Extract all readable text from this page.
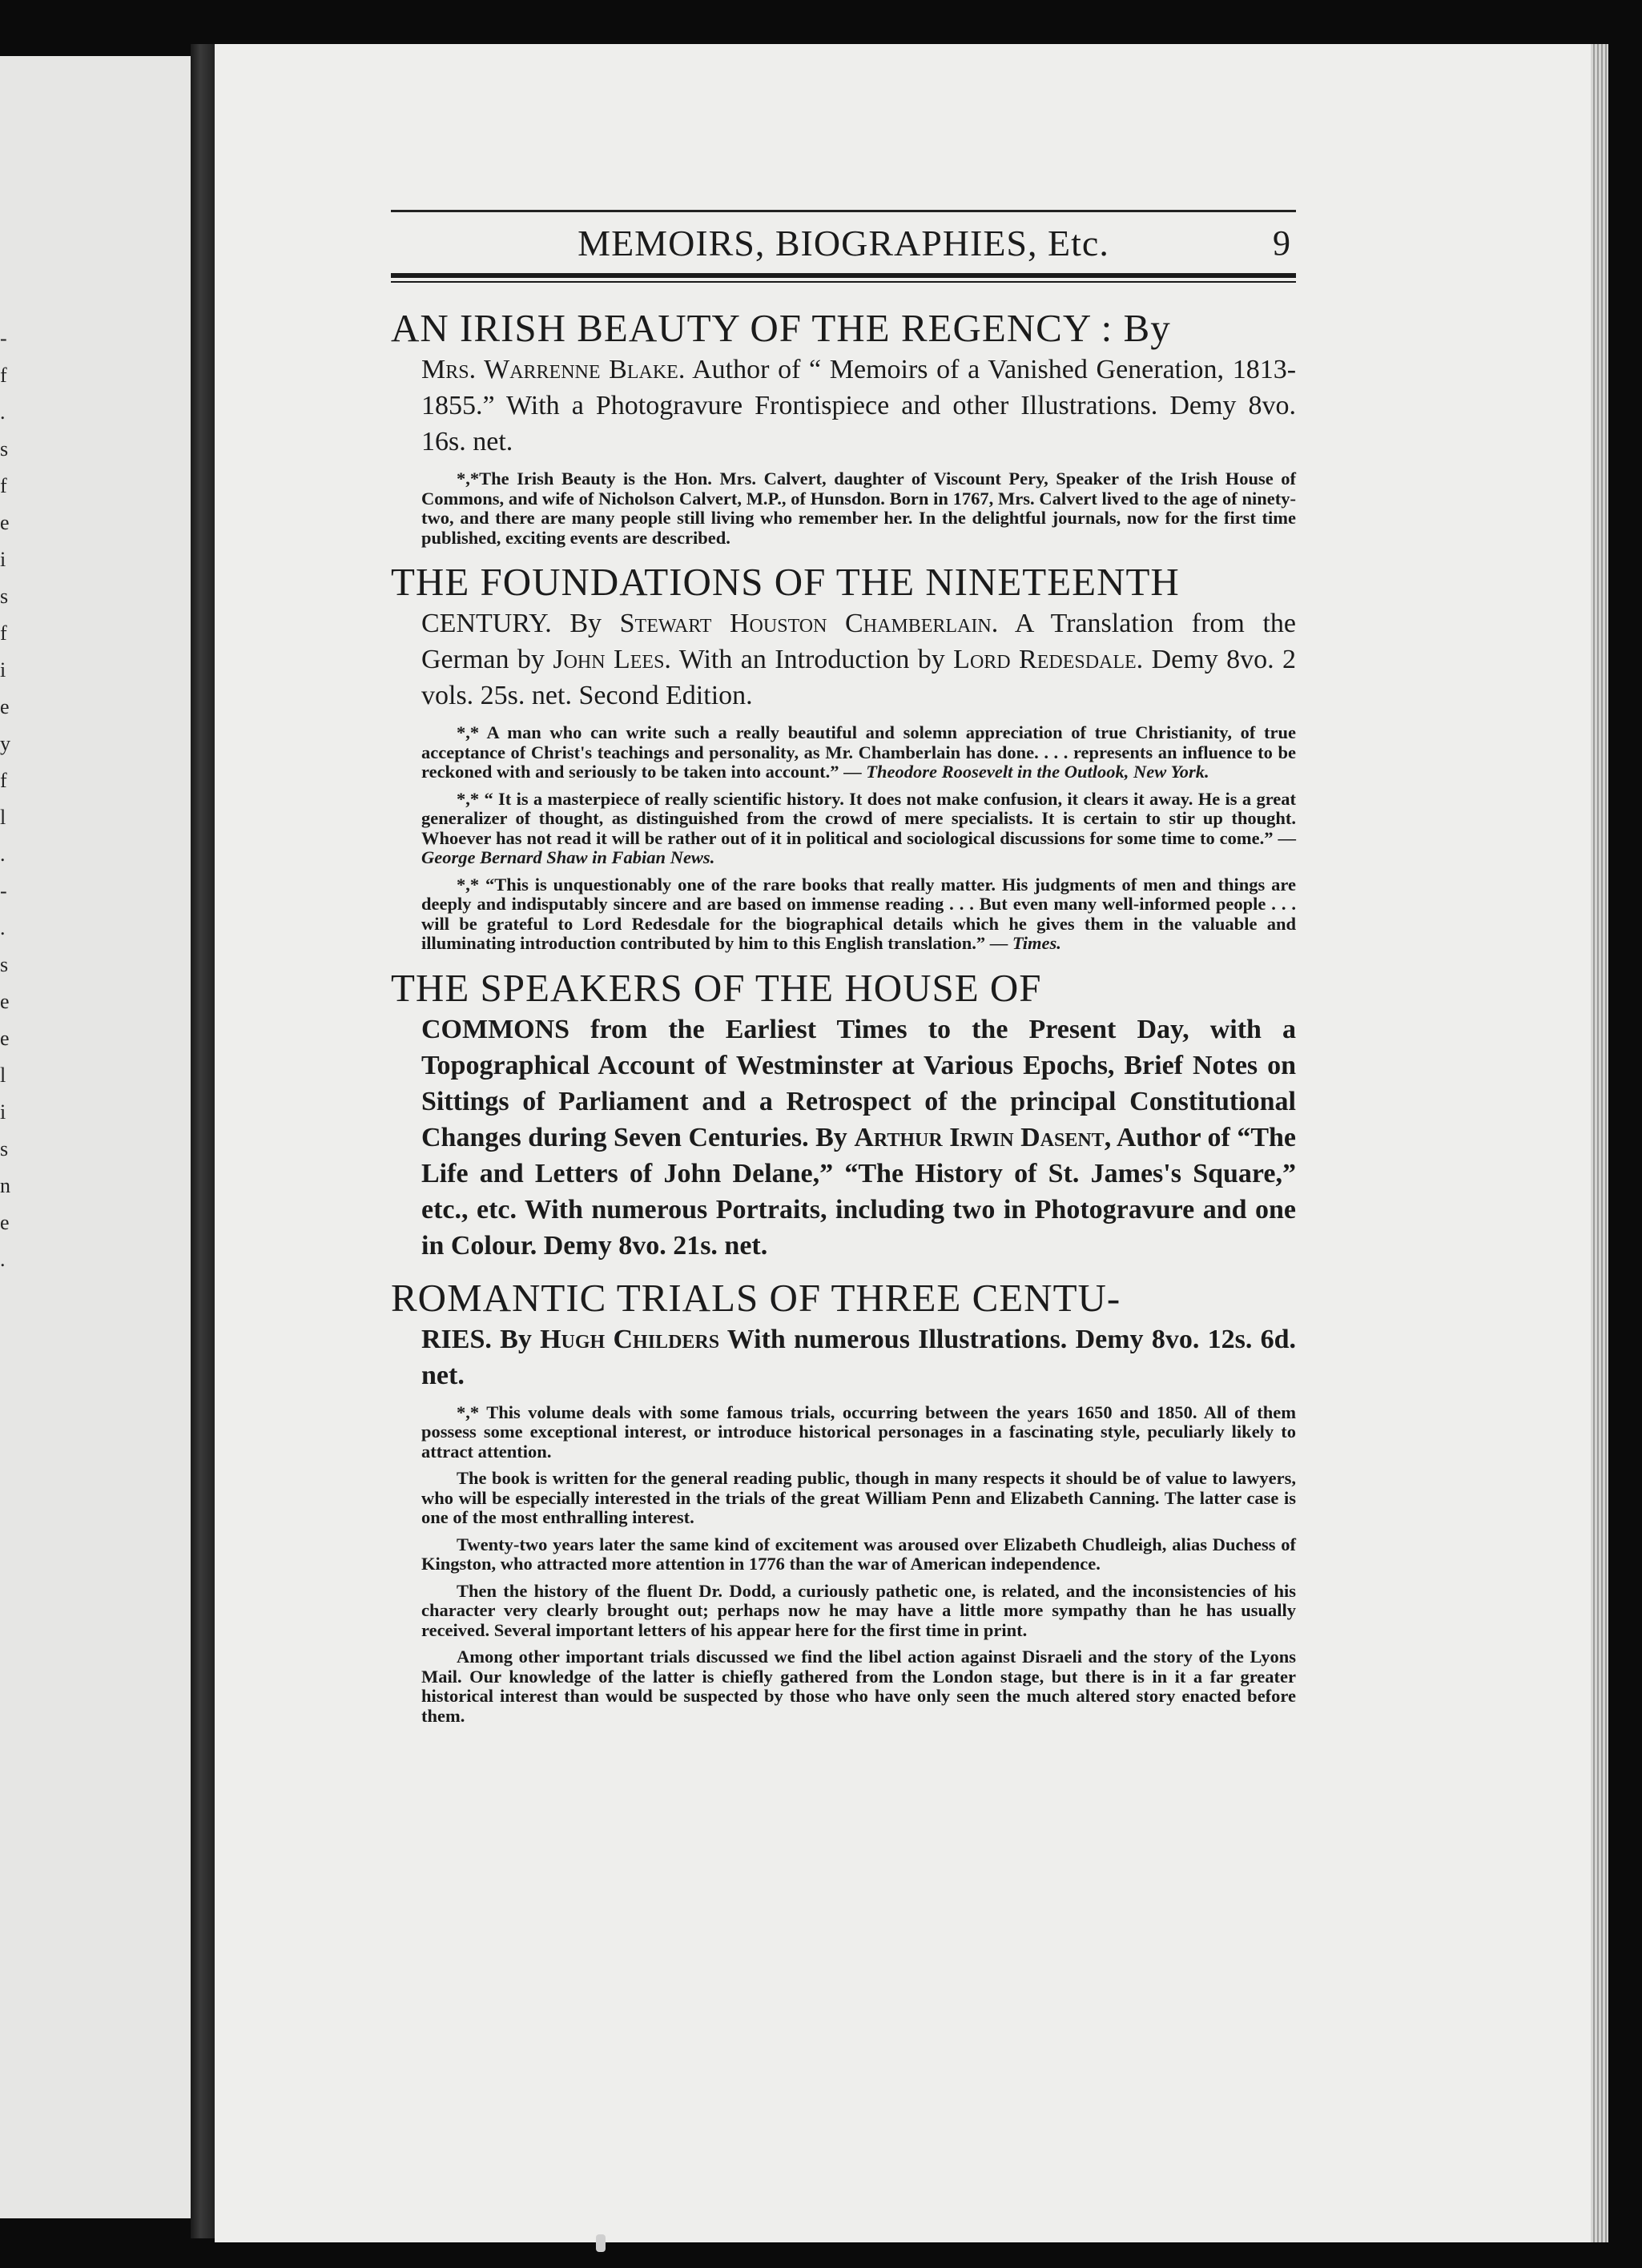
-
f
.
s
f
e
i
s
f
i
e
y
f
l
.
-
.
s
e
e
l
i
s
n
e
.
MEMOIRS, BIOGRAPHIES, Etc.	9
AN IRISH BEAUTY OF THE REGENCY : By
Mrs. Warrenne Blake. Author of “ Memoirs of a Vanished Generation, 1813-1855.” With a Photogravure Frontispiece and other Illustrations. Demy 8vo. 16s. net.

*,*The Irish Beauty is the Hon. Mrs. Calvert, daughter of Viscount Pery, Speaker of the Irish House of Commons, and wife of Nicholson Calvert, M.P., of Hunsdon. Born in 1767, Mrs. Calvert lived to the age of ninety-two, and there are many people still living who remember her. In the delightful journals, now for the first time published, exciting events are described.

THE FOUNDATIONS OF THE NINETEENTH
CENTURY. By Stewart Houston Chamberlain. A Translation from the German by John Lees. With an Introduction by Lord Redesdale. Demy 8vo. 2 vols. 25s. net. Second Edition.

*,* A man who can write such a really beautiful and solemn appreciation of true Christianity, of true acceptance of Christ's teachings and personality, as Mr. Chamberlain has done. . . . represents an influence to be reckoned with and seriously to be taken into account.” — Theodore Roosevelt in the Outlook, New York.

*,* “ It is a masterpiece of really scientific history. It does not make confusion, it clears it away. He is a great generalizer of thought, as distinguished from the crowd of mere specialists. It is certain to stir up thought. Whoever has not read it will be rather out of it in political and sociological discussions for some time to come.” — George Bernard Shaw in Fabian News.

*,* “This is unquestionably one of the rare books that really matter. His judgments of men and things are deeply and indisputably sincere and are based on immense reading . . . But even many well-informed people . . . will be grateful to Lord Redesdale for the biographical details which he gives them in the valuable and illuminating introduction contributed by him to this English translation.” — Times.

THE SPEAKERS OF THE HOUSE OF
COMMONS from the Earliest Times to the Present Day, with a Topographical Account of Westminster at Various Epochs, Brief Notes on Sittings of Parliament and a Retrospect of the principal Constitutional Changes during Seven Centuries. By Arthur Irwin Dasent, Author of “The Life and Letters of John Delane,” “The History of St. James's Square,” etc., etc. With numerous Portraits, including two in Photogravure and one in Colour. Demy 8vo. 21s. net.
ROMANTIC TRIALS OF THREE CENTU-
RIES. By Hugh Childers With numerous Illustrations. Demy 8vo. 12s. 6d. net.

*,* This volume deals with some famous trials, occurring between the years 1650 and 1850. All of them possess some exceptional interest, or introduce historical personages in a fascinating style, peculiarly likely to attract attention.

The book is written for the general reading public, though in many respects it should be of value to lawyers, who will be especially interested in the trials of the great William Penn and Elizabeth Canning. The latter case is one of the most enthralling interest.

Twenty-two years later the same kind of excitement was aroused over Elizabeth Chudleigh, alias Duchess of Kingston, who attracted more attention in 1776 than the war of American independence.

Then the history of the fluent Dr. Dodd, a curiously pathetic one, is related, and the inconsistencies of his character very clearly brought out; perhaps now he may have a little more sympathy than he has usually received. Several important letters of his appear here for the first time in print.

Among other important trials discussed we find the libel action against Disraeli and the story of the Lyons Mail. Our knowledge of the latter is chiefly gathered from the London stage, but there is in it a far greater historical interest than would be suspected by those who have only seen the much altered story enacted before them.
